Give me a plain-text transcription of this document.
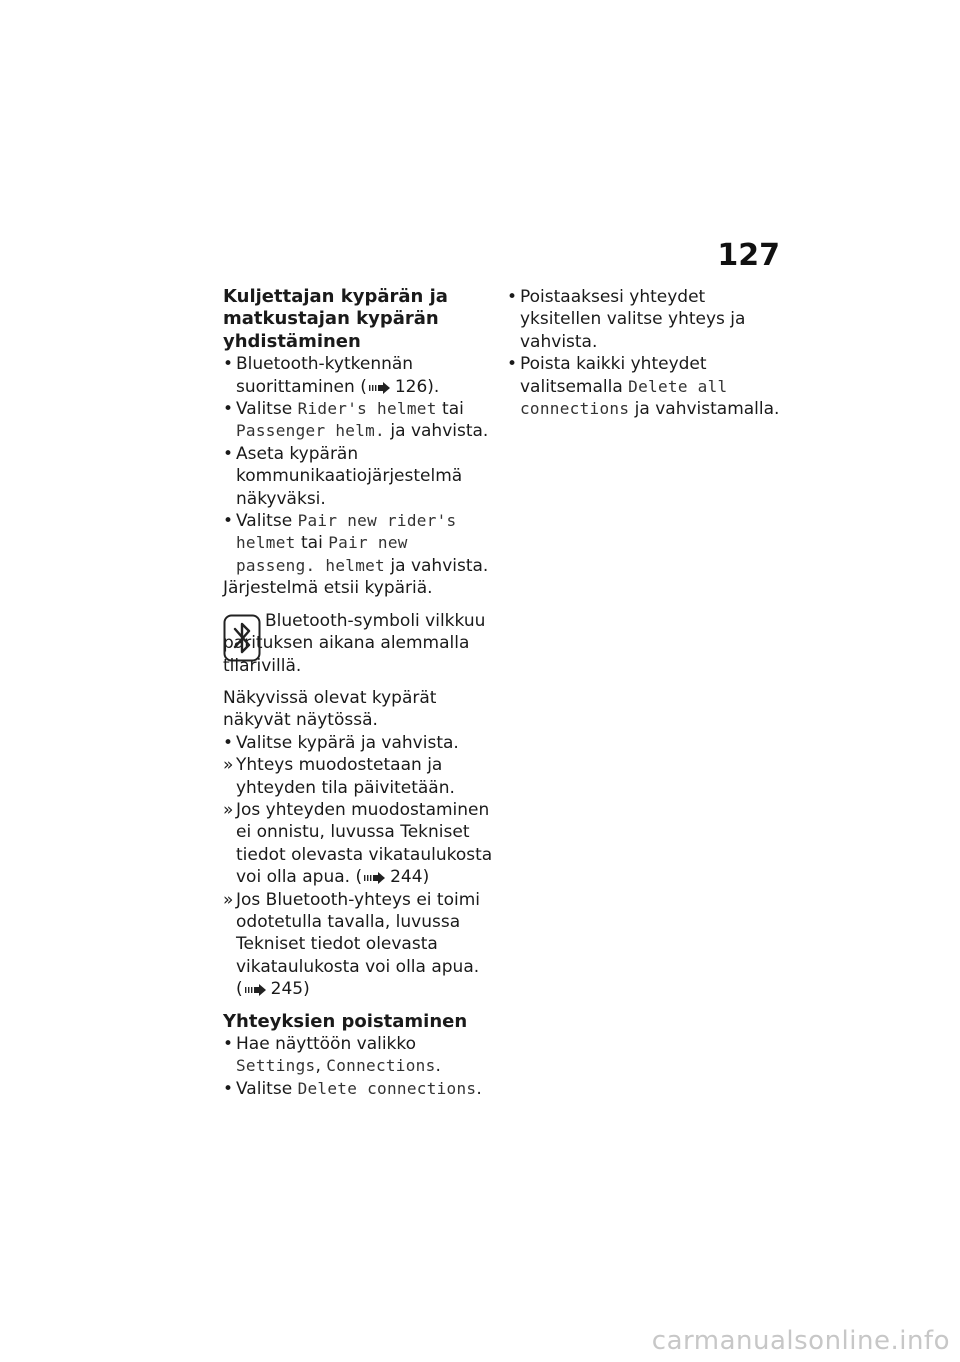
127
Kuljettajan kypärän ja matkustajan kypärän yhdistäminen
• Bluetooth-kytkennän suorittaminen ( 126).
• Valitse Rider's helmet tai Passenger helm. ja vahvista.
• Aseta kypärän kommunikaatiojärjestelmä näkyväksi.
• Valitse Pair new rider's helmet tai Pair new passeng. helmet ja vahvista.
Järjestelmä etsii kypäriä.
Bluetooth-symboli vilkkuu parituksen aikana alemmalla tilarivillä.
Näkyvissä olevat kypärät näkyvät näytössä.
• Valitse kypärä ja vahvista.
» Yhteys muodostetaan ja yhteyden tila päivitetään.
» Jos yhteyden muodostaminen ei onnistu, luvussa Tekniset tiedot olevasta vikataulukosta voi olla apua. ( 244)
» Jos Bluetooth-yhteys ei toimi odotetulla tavalla, luvussa Tekniset tiedot olevasta vikataulukosta voi olla apua. ( 245)
Yhteyksien poistaminen
• Hae näyttöön valikko Settings, Connections.
• Valitse Delete connections.
• Poistaaksesi yhteydet yksitellen valitse yhteys ja vahvista.
• Poista kaikki yhteydet valitsemalla Delete all connections ja vahvistamalla.
carmanualsonline.info
